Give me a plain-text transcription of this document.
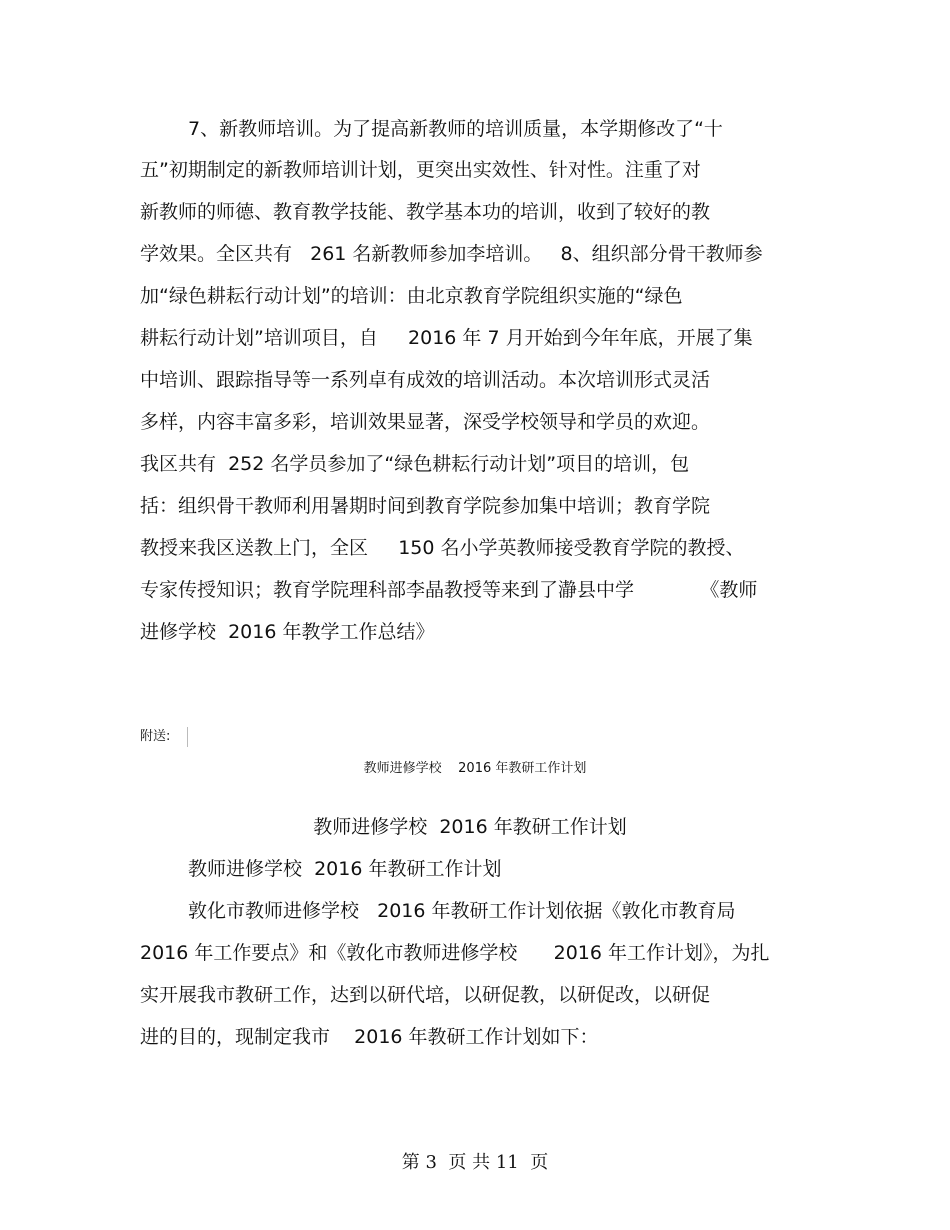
7、新教师培训。为了提高新教师的培训质量，本学期修改了“十

五”初期制定的新教师培训计划，更突出实效性、针对性。注重了对

新教师的师德、教育教学技能、教学基本功的培训，收到了较好的教

学效果。全区共有   261 名新教师参加李培训。   8、组织部分骨干教师参

加“绿色耕耘行动计划”的培训：由北京教育学院组织实施的“绿色

耕耘行动计划”培训项目，自     2016 年 7 月开始到今年年底，开展了集

中培训、跟踪指导等一系列卓有成效的培训活动。本次培训形式灵活

多样，内容丰富多彩，培训效果显著，深受学校领导和学员的欢迎。

我区共有  252 名学员参加了“绿色耕耘行动计划”项目的培训，包

括：组织骨干教师利用暑期时间到教育学院参加集中培训；教育学院

教授来我区送教上门，全区     150 名小学英教师接受教育学院的教授、

专家传授知识；教育学院理科部李晶教授等来到了瀞县中学           《教师

进修学校  2016 年教学工作总结》

附送:

教师进修学校    2016 年教研工作计划

教师进修学校  2016 年教研工作计划

教师进修学校  2016 年教研工作计划

敦化市教师进修学校   2016 年教研工作计划依据《敦化市教育局

2016 年工作要点》和《敦化市教师进修学校      2016 年工作计划》，为扎

实开展我市教研工作，达到以研代培，以研促教，以研促改，以研促

进的目的，现制定我市    2016 年教研工作计划如下：

第 3  页 共 11  页
